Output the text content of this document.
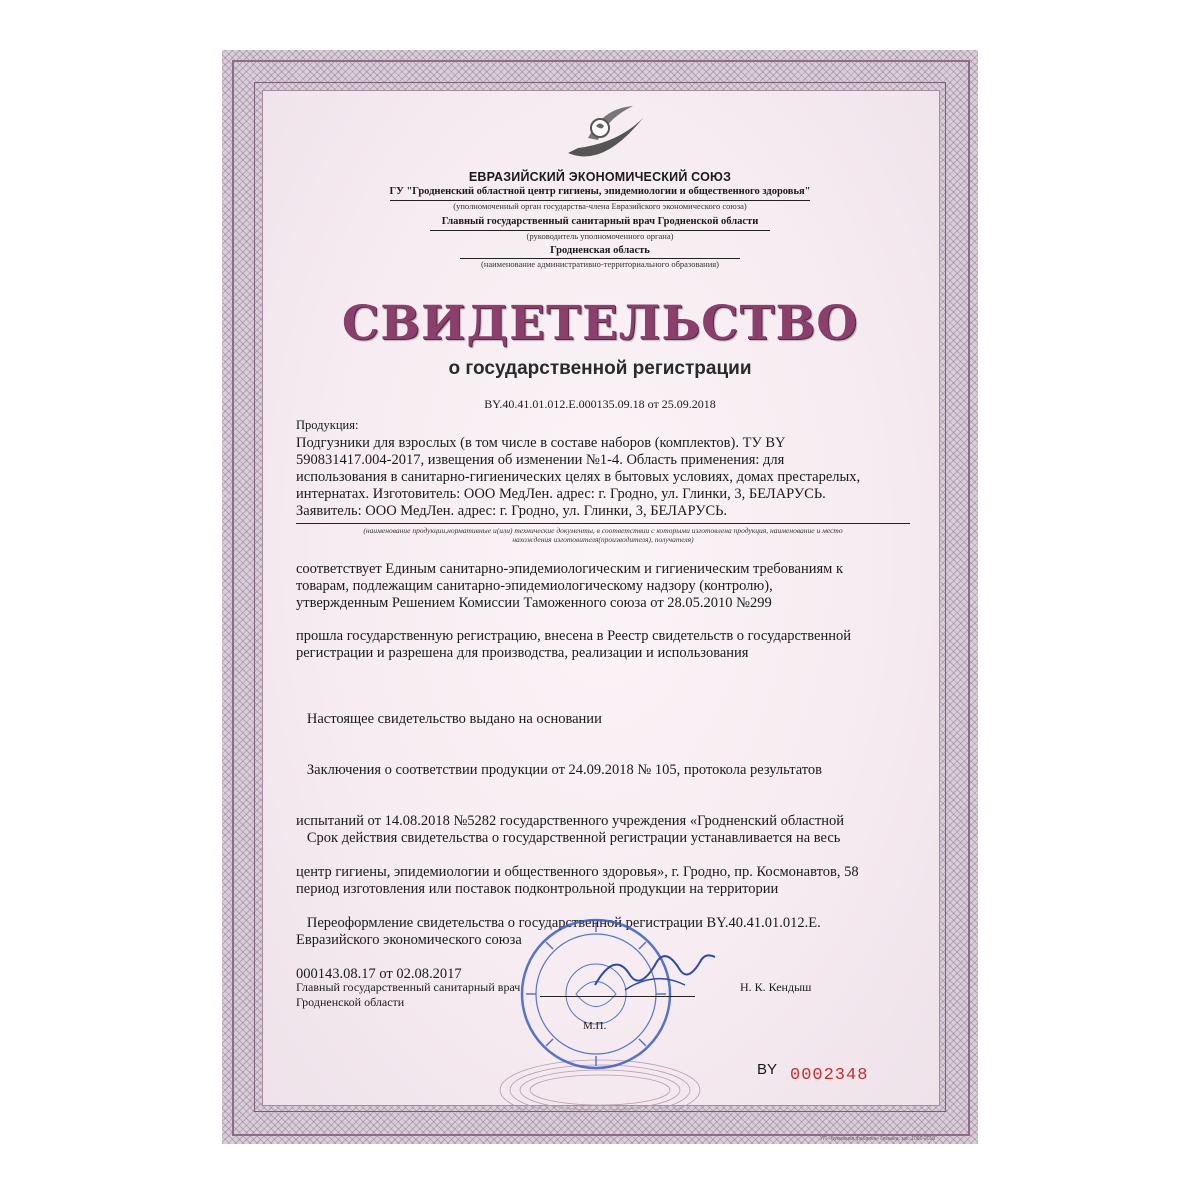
ЕВРАЗИЙСКИЙ ЭКОНОМИЧЕСКИЙ СОЮЗ
ГУ "Гродненский областной центр гигиены, эпидемиологии и общественного здоровья"
(уполномоченный орган государства-члена Евразийского экономического союза)
Главный государственный санитарный врач Гродненской области
(руководитель уполномоченного органа)
Гродненская область
(наименование административно-территориального образования)
СВИДЕТЕЛЬСТВО
о государственной регистрации
BY.40.41.01.012.E.000135.09.18 от 25.09.2018
Продукция:
Подгузники для взрослых (в том числе в составе наборов (комплектов). ТУ BY
590831417.004-2017, извещения об изменении №1-4. Область применения: для
использования в санитарно-гигиенических целях в бытовых условиях, домах престарелых,
интернатах. Изготовитель: ООО МедЛен. адрес: г. Гродно, ул. Глинки, 3, БЕЛАРУСЬ.
Заявитель: ООО МедЛен. адрес: г. Гродно, ул. Глинки, 3, БЕЛАРУСЬ.
(наименование продукции,нормативные и(или) технические документы, в соответствии с которыми изготовлена продукция, наименование и место
нахождения изготовителя(производителя), получателя)
соответствует Единым санитарно-эпидемиологическим и гигиеническим требованиям к
товарам, подлежащим санитарно-эпидемиологическому надзору (контролю),
утвержденным Решением Комиссии Таможенного союза от 28.05.2010 №299
прошла государственную регистрацию, внесена в Реестр свидетельств о государственной
регистрации и разрешена для производства, реализации и использования

Настоящее свидетельство выдано на основании

Заключения о соответствии продукции от 24.09.2018 № 105, протокола результатов

испытаний от 14.08.2018 №5282 государственного учреждения «Гродненский областной

центр гигиены, эпидемиологии и общественного здоровья», г. Гродно, пр. Космонавтов, 58

Переоформление свидетельства о государственной регистрации BY.40.41.01.012.E.

000143.08.17 от 02.08.2017

Срок действия свидетельства о государственной регистрации устанавливается на весь

период изготовления или поставок подконтрольной продукции на территории

Евразийского экономического союза

Главный государственный санитарный врач
Гродненской области
М.П.
Н. К. Кендыш
BY 0002348
УП «Бумажная фабрика» Гознака, зак. 1066-2016
